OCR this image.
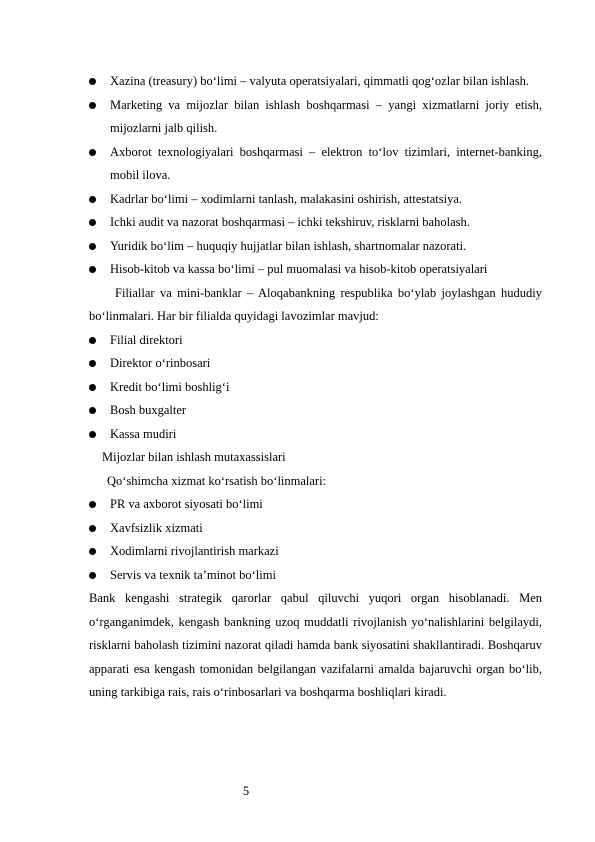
Xazina (treasury) bo‘limi – valyuta operatsiyalari, qimmatli qog‘ozlar bilan ishlash.
Marketing va mijozlar bilan ishlash boshqarmasi – yangi xizmatlarni joriy etish, mijozlarni jalb qilish.
Axborot texnologiyalari boshqarmasi – elektron to‘lov tizimlari, internet-banking, mobil ilova.
Kadrlar bo‘limi – xodimlarni tanlash, malakasini oshirish, attestatsiya.
Ichki audit va nazorat boshqarmasi – ichki tekshiruv, risklarni baholash.
Yuridik bo‘lim – huquqiy hujjatlar bilan ishlash, shartnomalar nazorati.
Hisob-kitob va kassa bo‘limi – pul muomalasi va hisob-kitob operatsiyalari
Filiallar va mini-banklar – Aloqabankning respublika bo‘ylab joylashgan hududiy bo‘linmalari. Har bir filialda quyidagi lavozimlar mavjud:
Filial direktori
Direktor o‘rinbosari
Kredit bo‘limi boshlig‘i
Bosh buxgalter
Kassa mudiri
Mijozlar bilan ishlash mutaxassislari
Qo‘shimcha xizmat ko‘rsatish bo‘linmalari:
PR va axborot siyosati bo‘limi
Xavfsizlik xizmati
Xodimlarni rivojlantirish markazi
Servis va texnik ta’minot bo‘limi
Bank kengashi strategik qarorlar qabul qiluvchi yuqori organ hisoblanadi. Men o‘rganganimdek, kengash bankning uzoq muddatli rivojlanish yo‘nalishlarini belgilaydi, risklarni baholash tizimini nazorat qiladi hamda bank siyosatini shakllantiradi. Boshqaruv apparati esa kengash tomonidan belgilangan vazifalarni amalda bajaruvchi organ bo‘lib, uning tarkibiga rais, rais o‘rinbosarlari va boshqarma boshliqlari kiradi.
5
